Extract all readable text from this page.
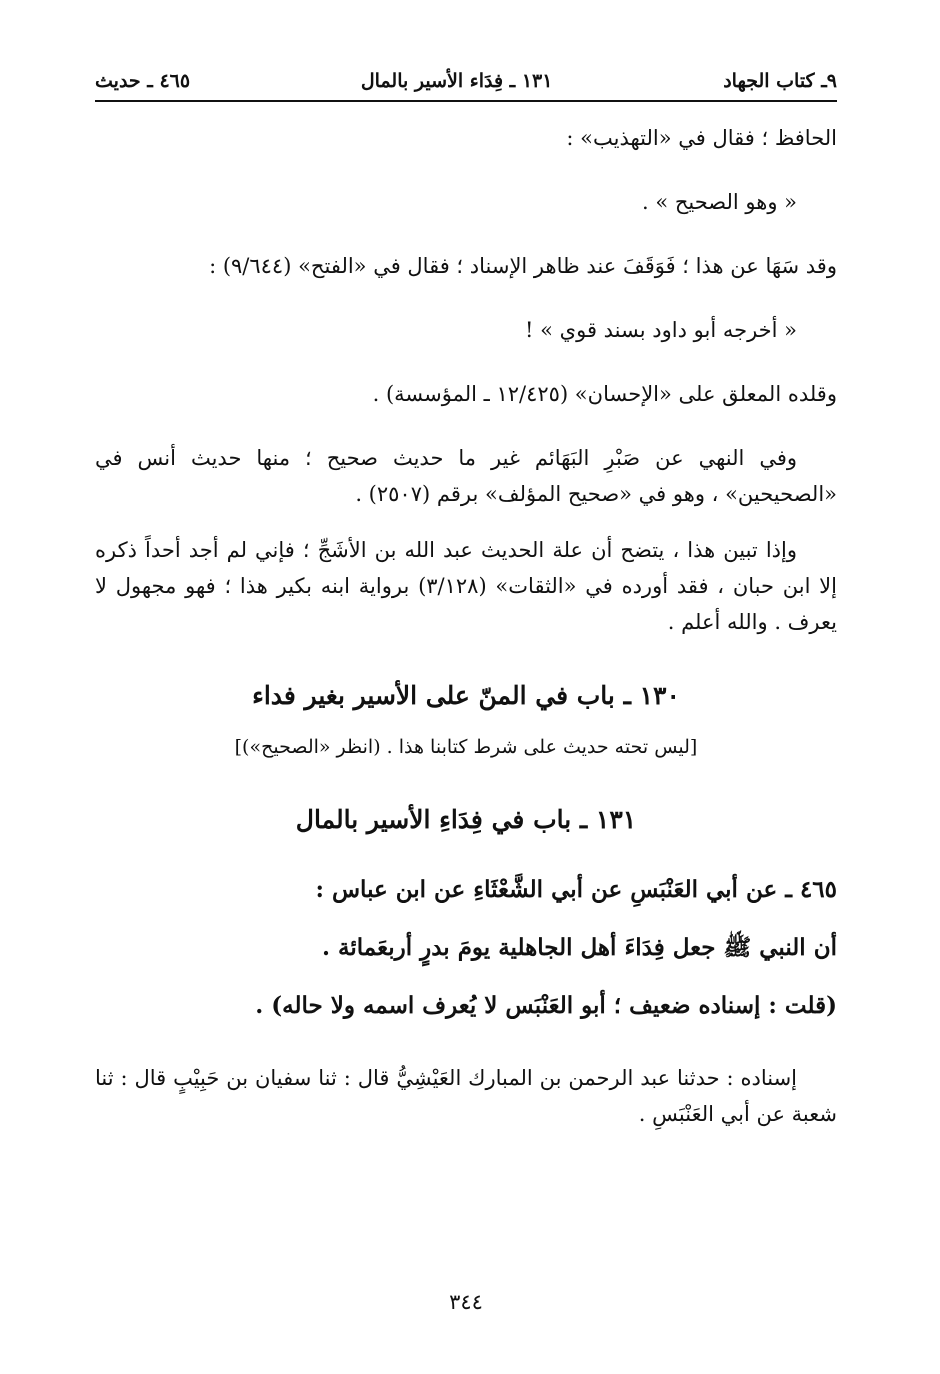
٩ـ كتاب الجهاد
١٣١ ـ فِدَاء الأسير بالمال
٤٦٥ ـ حديث

الحافظ ؛ فقال في «التهذيب» :

« وهو الصحيح » .

وقد سَهَا عن هذا ؛ فَوَقَفَ عند ظاهر الإسناد ؛ فقال في «الفتح» (٩/٦٤٤) :

« أخرجه أبو داود بسند قوي » !

وقلده المعلق على «الإحسان» (١٢/٤٢٥ ـ المؤسسة) .

وفي النهي عن صَبْرِ البَهَائم غير ما حديث صحيح ؛ منها حديث أنس في «الصحيحين» ، وهو في «صحيح المؤلف» برقم (٢٥٠٧) .

وإذا تبين هذا ، يتضح أن علة الحديث عبد الله بن الأشَجِّ ؛ فإني لم أجد أحداً ذكره إلا ابن حبان ، فقد أورده في «الثقات» (٣/١٢٨) برواية ابنه بكير هذا ؛ فهو مجهول لا يعرف . والله أعلم .

١٣٠ ـ باب في المنّ على الأسير بغير فداء
[ليس تحته حديث على شرط كتابنا هذا . (انظر «الصحيح»)]
١٣١ ـ باب في فِدَاءِ الأسير بالمال

٤٦٥ ـ عن أبي العَنْبَسِ عن أبي الشَّعْثَاءِ عن ابن عباس :

أن النبي ﷺ جعل فِدَاءَ أهل الجاهلية يومَ بدرٍ أربعَمائة .

(قلت : إسناده ضعيف ؛ أبو العَنْبَس لا يُعرف اسمه ولا حاله) .

إسناده : حدثنا عبد الرحمن بن المبارك العَيْشِيُّ قال : ثنا سفيان بن حَبِيْبٍ قال : ثنا شعبة عن أبي العَنْبَسِ .

٣٤٤
